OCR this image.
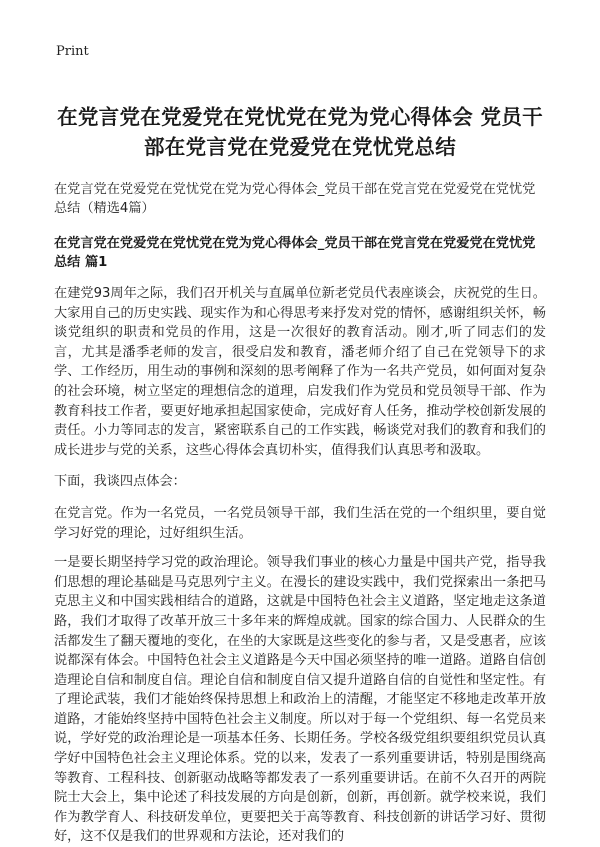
Print
在党言党在党爱党在党忧党在党为党心得体会 党员干部在党言党在党爱党在党忧党总结

在党言党在党爱党在党忧党在党为党心得体会_党员干部在党言党在党爱党在党忧党总结（精选4篇）

在党言党在党爱党在党忧党在党为党心得体会_党员干部在党言党在党爱党在党忧党总结 篇1

在建党93周年之际，我们召开机关与直属单位新老党员代表座谈会，庆祝党的生日。大家用自己的历史实践、现实作为和心得思考来抒发对党的情怀，感谢组织关怀，畅谈党组织的职责和党员的作用，这是一次很好的教育活动。刚才,听了同志们的发言，尤其是潘季老师的发言，很受启发和教育，潘老师介绍了自己在党领导下的求学、工作经历，用生动的事例和深刻的思考阐释了作为一名共产党员，如何面对复杂的社会环境，树立坚定的理想信念的道理，启发我们作为党员和党员领导干部、作为教育科技工作者，要更好地承担起国家使命，完成好育人任务，推动学校创新发展的责任。小力等同志的发言，紧密联系自己的工作实践，畅谈党对我们的教育和我们的成长进步与党的关系，这些心得体会真切朴实，值得我们认真思考和汲取。

下面，我谈四点体会：

在党言党。作为一名党员，一名党员领导干部，我们生活在党的一个组织里，要自觉学习好党的理论，过好组织生活。

一是要长期坚持学习党的政治理论。领导我们事业的核心力量是中国共产党，指导我们思想的理论基础是马克思列宁主义。在漫长的建设实践中，我们党探索出一条把马克思主义和中国实践相结合的道路，这就是中国特色社会主义道路，坚定地走这条道路，我们才取得了改革开放三十多年来的辉煌成就。国家的综合国力、人民群众的生活都发生了翻天覆地的变化，在坐的大家既是这些变化的参与者，又是受惠者，应该说都深有体会。中国特色社会主义道路是今天中国必须坚持的唯一道路。道路自信创造理论自信和制度自信。理论自信和制度自信又提升道路自信的自觉性和坚定性。有了理论武装，我们才能始终保持思想上和政治上的清醒，才能坚定不移地走改革开放道路，才能始终坚持中国特色社会主义制度。所以对于每一个党组织、每一名党员来说，学好党的政治理论是一项基本任务、长期任务。学校各级党组织要组织党员认真学好中国特色社会主义理论体系。党的以来，发表了一系列重要讲话，特别是围绕高等教育、工程科技、创新驱动战略等都发表了一系列重要讲话。在前不久召开的两院院士大会上，集中论述了科技发展的方向是创新，创新，再创新。就学校来说，我们作为教学育人、科技研发单位，更要把关于高等教育、科技创新的讲话学习好、贯彻好，这不仅是我们的世界观和方法论，还对我们的
